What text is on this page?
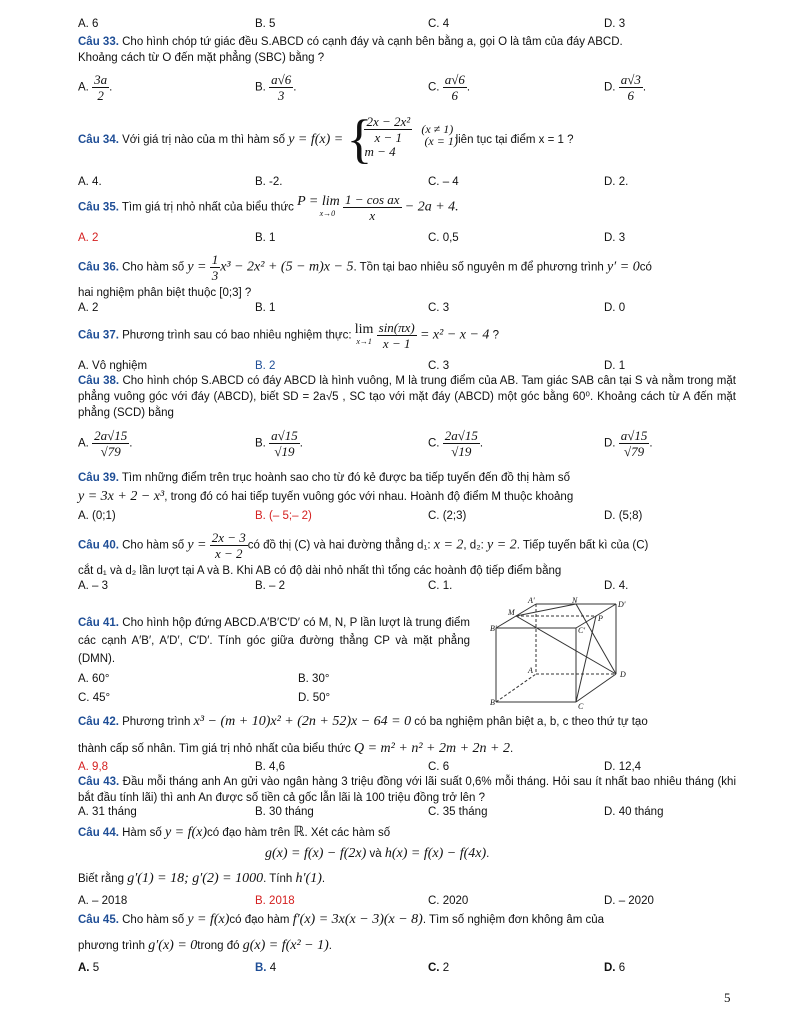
A. 6	B. 5	C. 4	D. 3
Câu 33. Cho hình chóp tứ giác đều S.ABCD có cạnh đáy và cạnh bên bằng a, gọi O là tâm của đáy ABCD.
Khoảng cách từ O đến mặt phẳng (SBC) bằng ?
A. $\frac{3a}{2}$ .	B. $\frac{a√6}{3}$ .	C. $\frac{a√6}{6}$ .	D. $\frac{a√3}{6}$ .
Câu 34. Với giá trị nào của m thì hàm số y = f(x) = {
$\frac{\text{2x − 2x²}}{x - 1} (x \ne 1)$
m − 4
(x = 1)
liên tục tại điểm x = 1 ?
A. 4.	B. -2.	C. – 4	D. 2.
Câu 35. Tìm giá trị nhỏ nhất của biểu thức P = lim
x→0
$\frac{\text{1 − cos ax}}{x} - 2a + 4$.
A. 2	B. 1	C. 0,5	D. 3
Câu 36. Cho hàm số $y = \frac{1}{3} x^3 - 2x^2 + (5 - m)x - 5$. Tồn tại bao nhiêu số nguyên m để phương trình y′ = 0có
hai nghiệm phân biệt thuộc [0;3] ?
A. 2	B. 1	C. 3	D. 0
Câu 37. Phương trình sau có bao nhiêu nghiệm thực: lim
x→1
$\frac{\sin(\pi x)}{x - 1} = x^2 - x - 4$ ?
A. Vô nghiệm	B. 2	C. 3	D. 1

Câu 38. Cho hình chóp S.ABCD có đáy ABCD là hình vuông, M là trung điểm của AB. Tam giác SAB cân tại S và nằm trong mặt phẳng vuông góc với đáy (ABCD), biết SD = 2a√5 , SC tạo với mặt đáy (ABCD) một góc bằng 60⁰. Khoảng cách từ A đến mặt phẳng (SCD) bằng

A. $\frac{2a√15}{√79}$ .	B. $\frac{a√15}{√19}$ .	C. $\frac{2a√15}{√19}$ .	D. $\frac{a√15}{√79}$ .
Câu 39. Tìm những điểm trên trục hoành sao cho từ đó kẻ được ba tiếp tuyến đến đồ thị hàm số
y = 3x + 2 − x³, trong đó có hai tiếp tuyến vuông góc với nhau. Hoành độ điểm M thuộc khoảng
A. (0;1)	B. (– 5;– 2)	C. (2;3)	D. (5;8)
Câu 40. Cho hàm số $y = \frac{2x - 3}{x - 2}$ có đồ thị (C) và hai đường thẳng d₁: x = 2, d₂: y = 2. Tiếp tuyến bất kì của (C)
cắt d₁ và d₂ lần lượt tại A và B. Khi AB có độ dài nhỏ nhất thì tổng các hoành độ tiếp điểm bằng
A. – 3	B. – 2	C. 1.	D. 4.

Câu 41. Cho hình hộp đứng ABCD.A′B′C′D′ có M, N, P lần lượt là trung điểm các cạnh A′B′, A′D′, C′D′. Tính góc giữa đường thẳng CP và mặt phẳng (DMN).

A. 60°	B. 30°
C. 45°	D. 50°
A'	N	D'
M
B'	C'
P
A	D
B	C
Câu 42. Phương trình x³ − (m + 10)x² + (2n + 52)x − 64 = 0 có ba nghiệm phân biệt a, b, c theo thứ tự tạo
thành cấp số nhân. Tìm giá trị nhỏ nhất của biểu thức Q = m² + n² + 2m + 2n + 2.
A. 9,8	B. 4,6	C. 6	D. 12,4

Câu 43. Đầu mỗi tháng anh An gửi vào ngân hàng 3 triệu đồng với lãi suất 0,6% mỗi tháng. Hỏi sau ít nhất bao nhiêu tháng (khi bắt đầu tính lãi) thì anh An được số tiền cả gốc lẫn lãi là 100 triệu đồng trở lên ?

A. 31 tháng	B. 30 tháng	C. 35 tháng	D. 40 tháng
Câu 44. Hàm số y = f(x)có đạo hàm trên ℝ. Xét các hàm số
g(x) = f(x) − f(2x) và h(x) = f(x) − f(4x).
Biết rằng g′(1) = 18; g′(2) = 1000. Tính h′(1).
A. – 2018	B. 2018	C. 2020	D. – 2020
Câu 45. Cho hàm số y = f(x)có đạo hàm f′(x) = 3x(x − 3)(x − 8). Tìm số nghiệm đơn không âm của
phương trình g′(x) = 0trong đó g(x) = f(x² − 1).
A. 5	B. 4	C. 2	D. 6
5
